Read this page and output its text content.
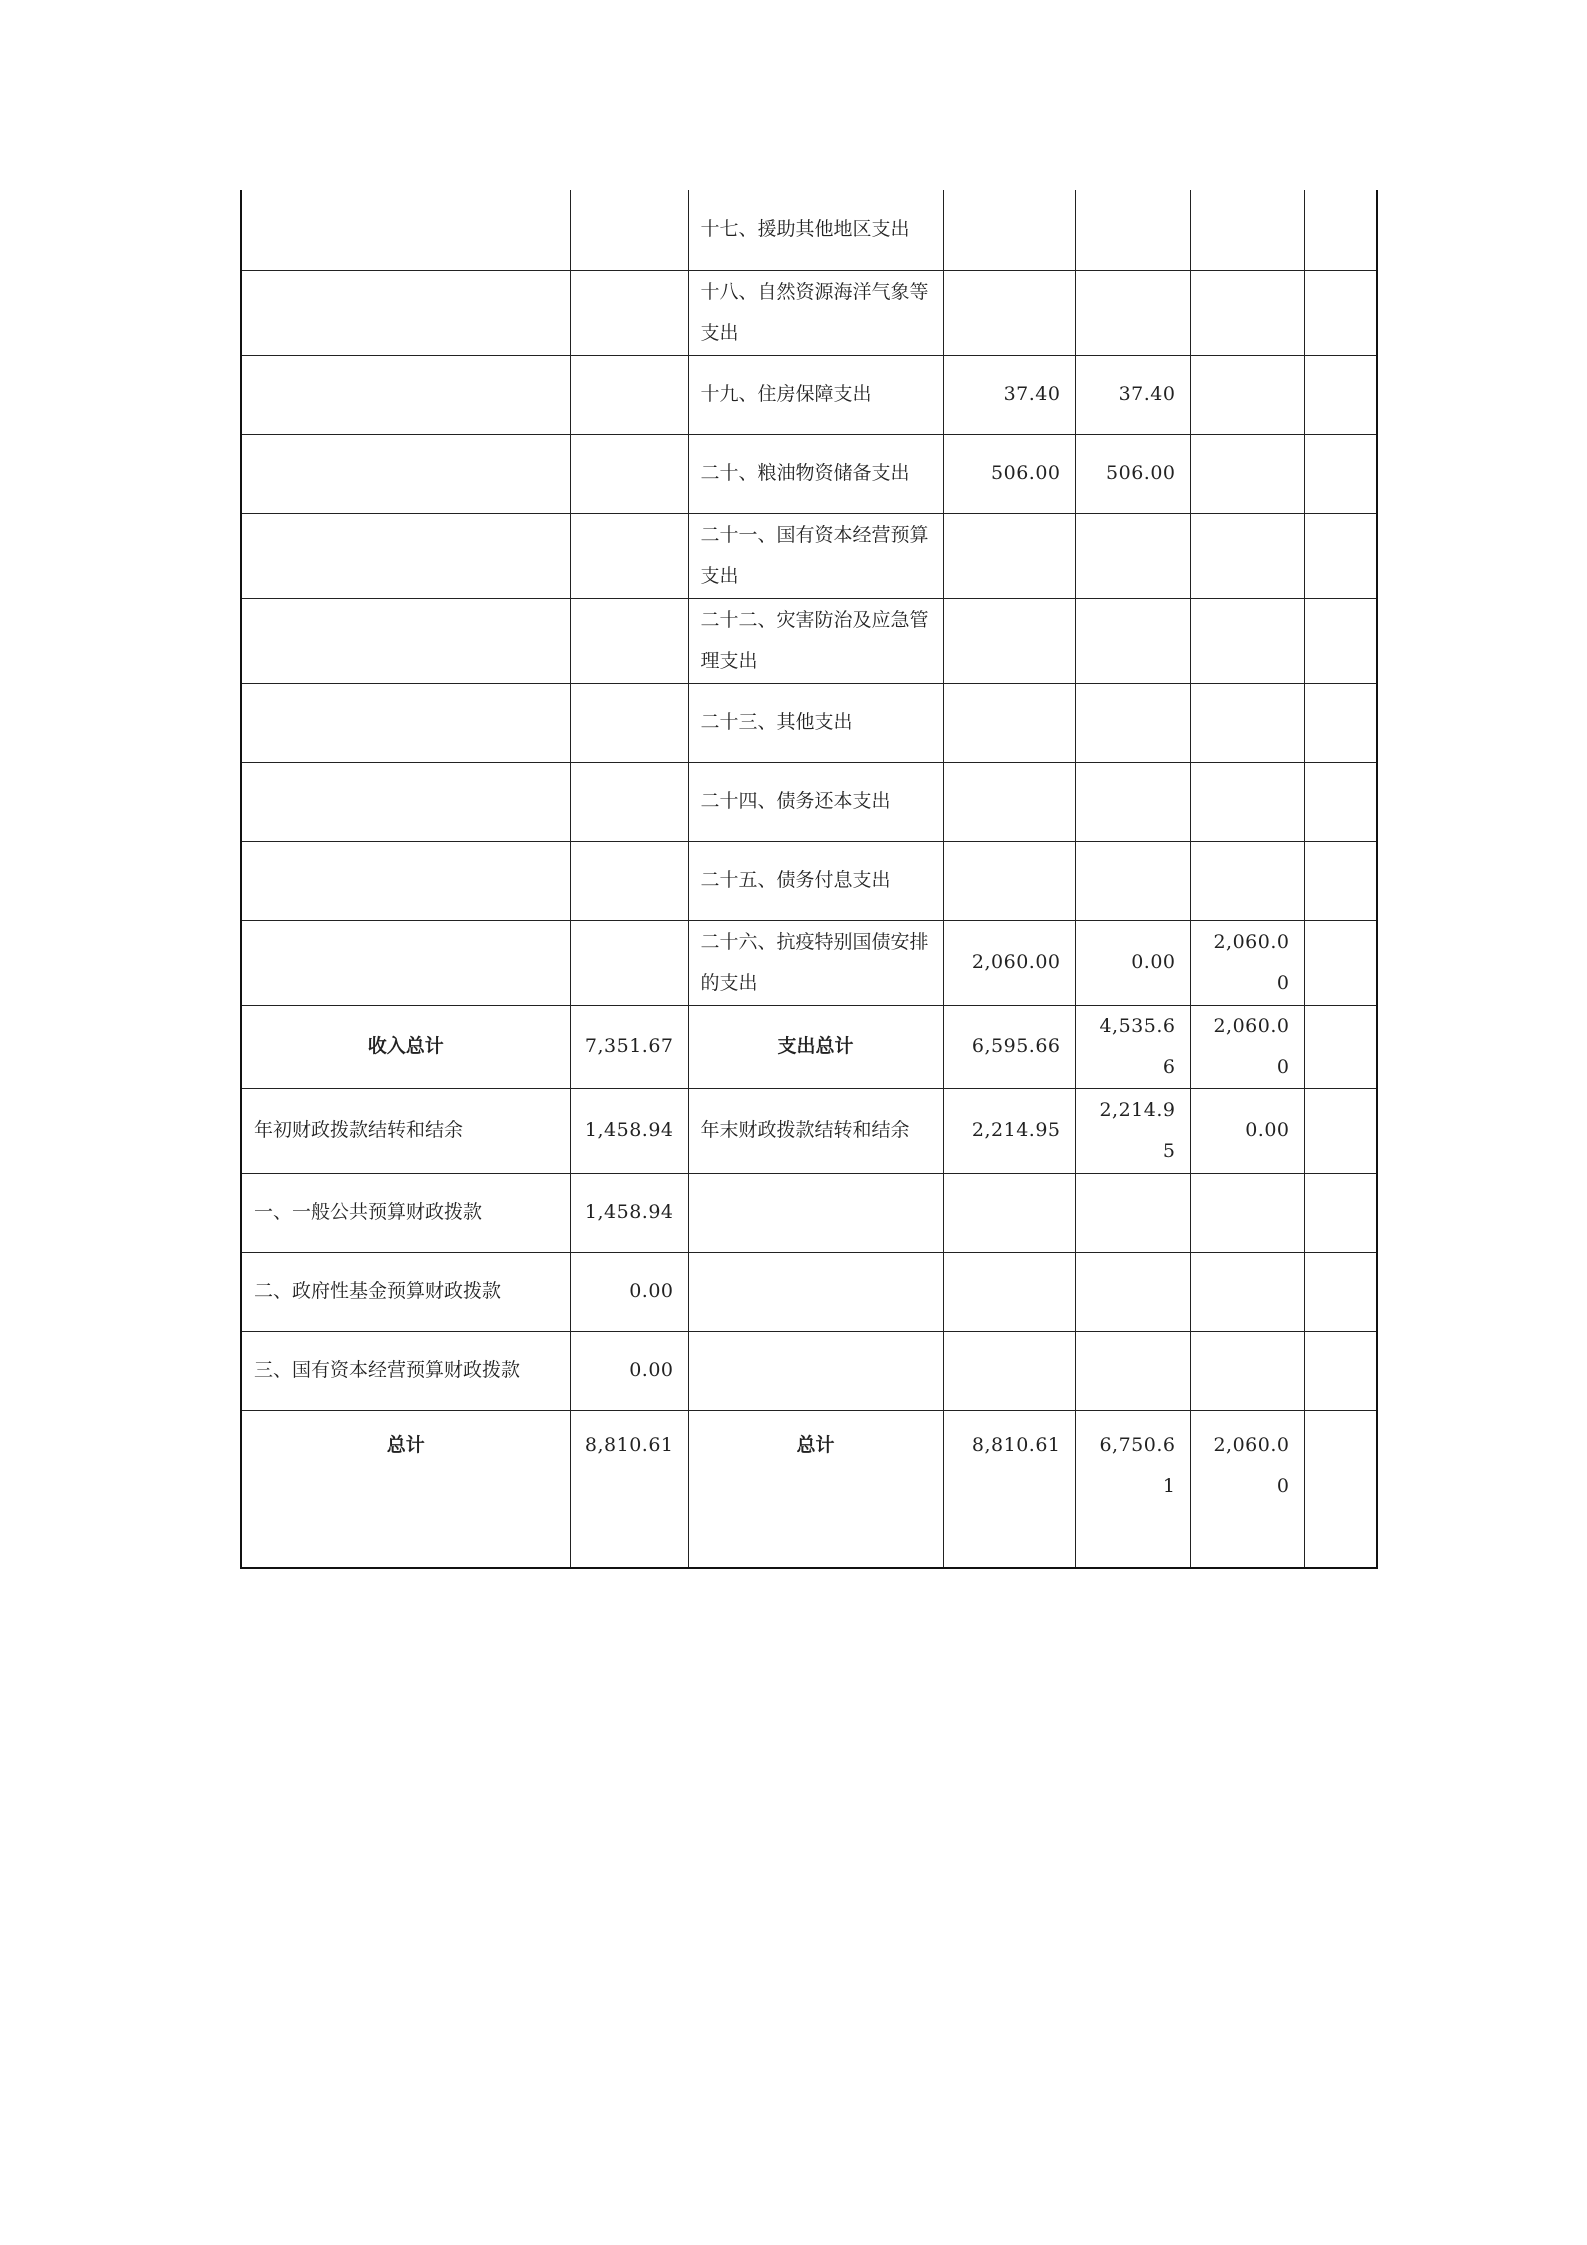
		十七、援助其他地区支出				
		十八、自然资源海洋气象等支出				
		十九、住房保障支出	37.40	37.40		
		二十、粮油物资储备支出	506.00	506.00		
		二十一、国有资本经营预算支出				
		二十二、灾害防治及应急管理支出				
		二十三、其他支出				
		二十四、债务还本支出				
		二十五、债务付息支出				
		二十六、抗疫特别国债安排的支出	2,060.00	0.00	2,060.00	
收入总计	7,351.67	支出总计	6,595.66	4,535.66	2,060.00	
年初财政拨款结转和结余	1,458.94	年末财政拨款结转和结余	2,214.95	2,214.95	0.00	
一、一般公共预算财政拨款	1,458.94					
二、政府性基金预算财政拨款	0.00					
三、国有资本经营预算财政拨款	0.00					
总计	8,810.61	总计	8,810.61	6,750.61	2,060.00	
